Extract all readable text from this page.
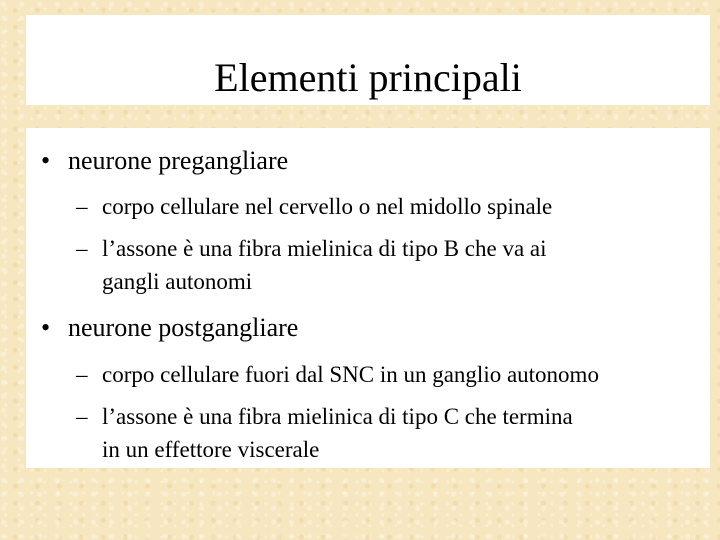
Elementi principali
• neurone pregangliare
– corpo cellulare nel cervello o nel midollo spinale
– l’assone è una fibra mielinica di tipo B che va ai
gangli autonomi
• neurone postgangliare
– corpo cellulare fuori dal SNC in un ganglio autonomo
– l’assone è una fibra mielinica di tipo C che termina
in un effettore viscerale
